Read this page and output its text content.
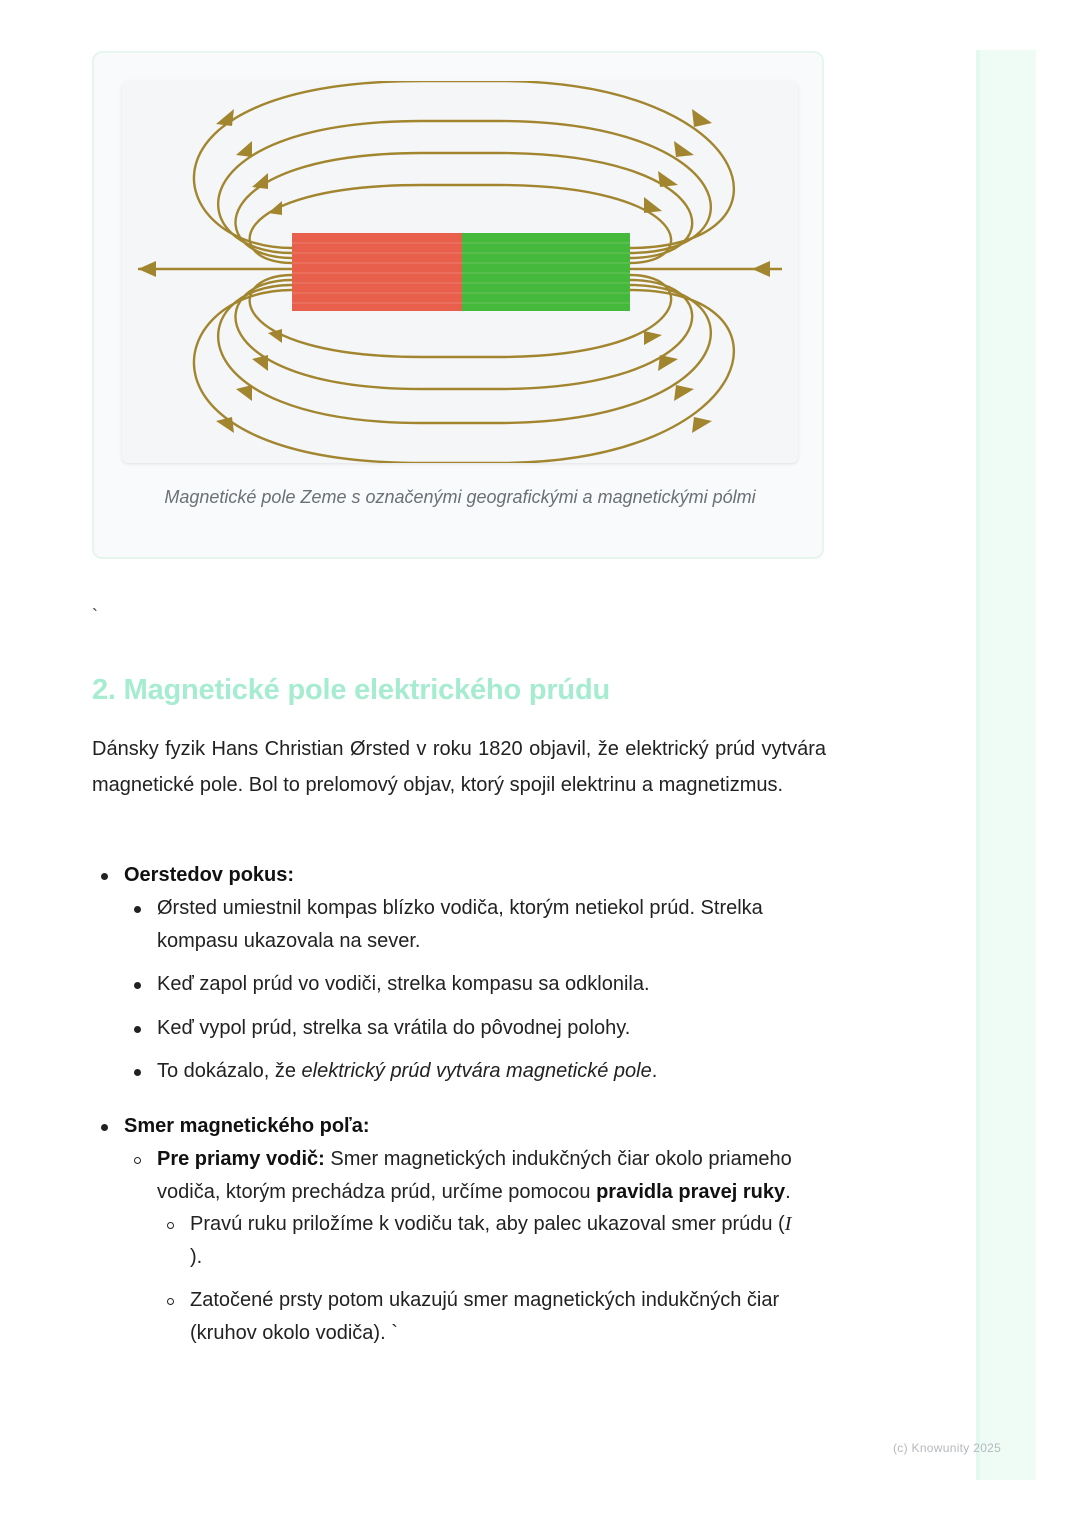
Magnetické pole Zeme s označenými geografickými a magnetickými pólmi
`
2. Magnetické pole elektrického prúdu

Dánsky fyzik Hans Christian Ørsted v roku 1820 objavil, že elektrický prúd vytvára magnetické pole. Bol to prelomový objav, ktorý spojil elektrinu a magnetizmus.

Oerstedov pokus:
Ørsted umiestnil kompas blízko vodiča, ktorým netiekol prúd. Strelka
kompasu ukazovala na sever.
Keď zapol prúd vo vodiči, strelka kompasu sa odklonila.
Keď vypol prúd, strelka sa vrátila do pôvodnej polohy.
To dokázalo, že elektrický prúd vytvára magnetické pole.
Smer magnetického poľa:
Pre priamy vodič: Smer magnetických indukčných čiar okolo priameho
vodiča, ktorým prechádza prúd, určíme pomocou pravidla pravej ruky.
Pravú ruku priložíme k vodiču tak, aby palec ukazoval smer prúdu (I
).
Zatočené prsty potom ukazujú smer magnetických indukčných čiar
(kruhov okolo vodiča). `
(c) Knowunity 2025
